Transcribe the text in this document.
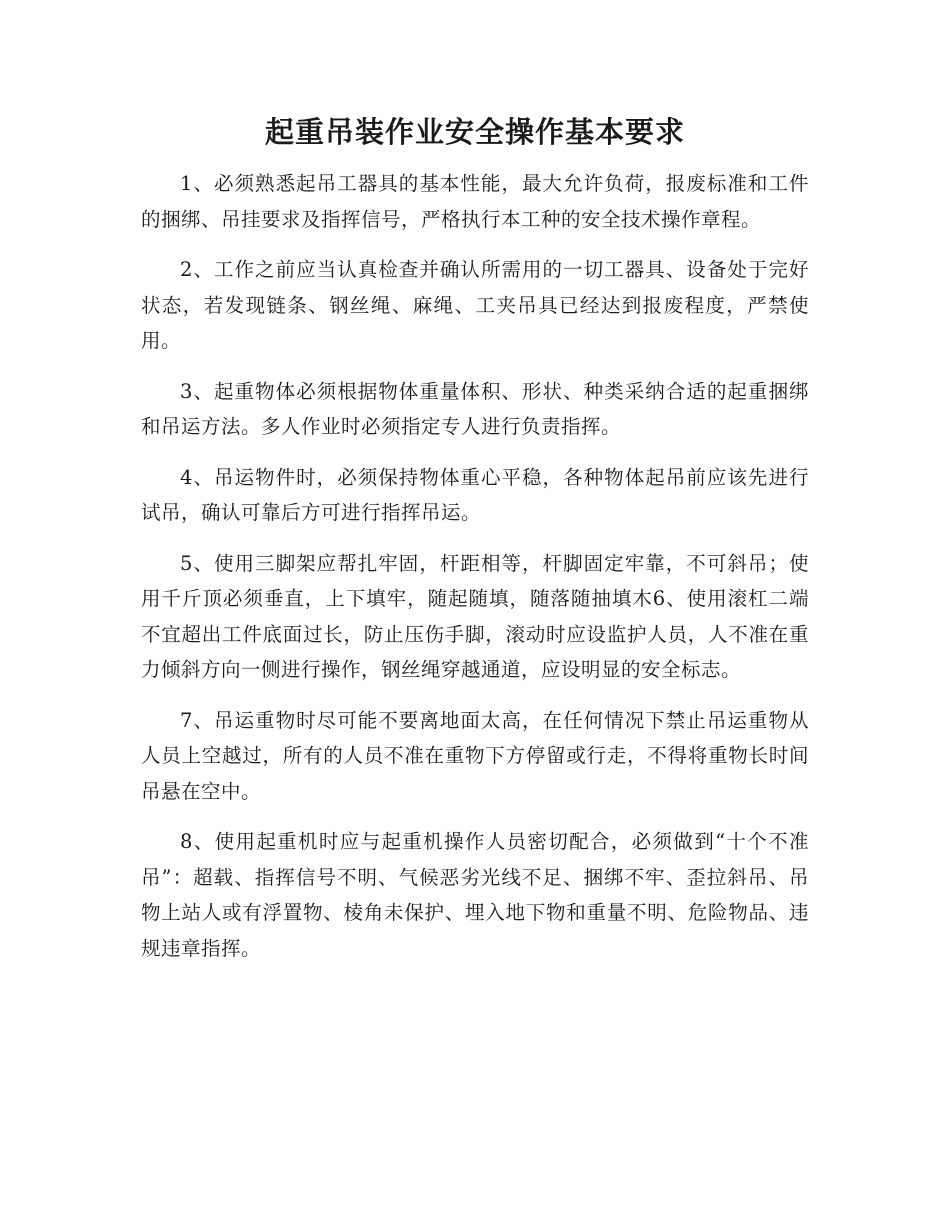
起重吊装作业安全操作基本要求

1、必须熟悉起吊工器具的基本性能，最大允许负荷，报废标准和工件的捆绑、吊挂要求及指挥信号，严格执行本工种的安全技术操作章程。

2、工作之前应当认真检查并确认所需用的一切工器具、设备处于完好状态，若发现链条、钢丝绳、麻绳、工夹吊具已经达到报废程度，严禁使用。

3、起重物体必须根据物体重量体积、形状、种类采纳合适的起重捆绑和吊运方法。多人作业时必须指定专人进行负责指挥。

4、吊运物件时，必须保持物体重心平稳，各种物体起吊前应该先进行试吊，确认可靠后方可进行指挥吊运。

5、使用三脚架应帮扎牢固，杆距相等，杆脚固定牢靠，不可斜吊；使用千斤顶必须垂直，上下填牢，随起随填，随落随抽填木6、使用滚杠二端不宜超出工件底面过长，防止压伤手脚，滚动时应设监护人员，人不准在重力倾斜方向一侧进行操作，钢丝绳穿越通道，应设明显的安全标志。

7、吊运重物时尽可能不要离地面太高，在任何情况下禁止吊运重物从人员上空越过，所有的人员不准在重物下方停留或行走，不得将重物长时间吊悬在空中。

8、使用起重机时应与起重机操作人员密切配合，必须做到“十个不准吊”：超载、指挥信号不明、气候恶劣光线不足、捆绑不牢、歪拉斜吊、吊物上站人或有浮置物、棱角未保护、埋入地下物和重量不明、危险物品、违规违章指挥。
